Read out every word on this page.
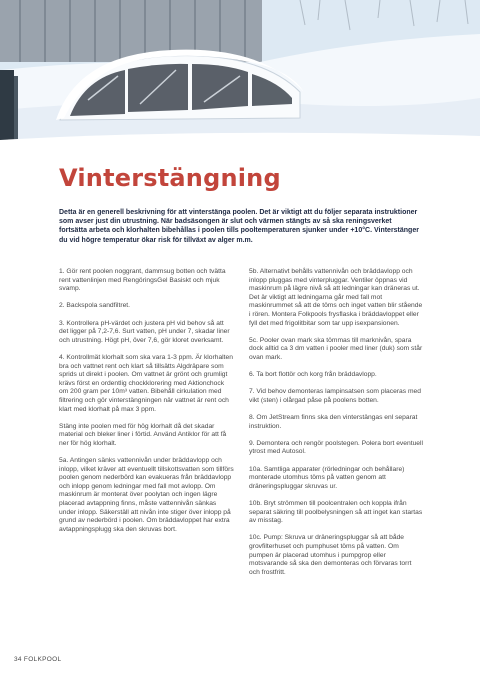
Vinterstängning

Detta är en generell beskrivning för att vinterstänga poolen. Det är viktigt att du följer separata instruktioner som avser just din utrustning. När badsäsongen är slut och värmen stängts av så ska reningsverket fortsätta arbeta och klorhalten bibehållas i poolen tills pooltemperaturen sjunker under +10°C. Vinterstänger du vid högre temperatur ökar risk för tillväxt av alger m.m.

1. Gör rent poolen noggrant, dammsug botten och tvätta rent vattenlinjen med RengöringsGel Basiskt och mjuk svamp.

2. Backspola sandfiltret.

3. Kontrollera pH-värdet och justera pH vid behov så att det ligger på 7,2-7,6. Surt vatten, pH under 7, skadar liner och utrustning. Högt pH, över 7,6, gör kloret overksamt.

4. Kontrollmät klorhalt som ska vara 1-3 ppm. Är klorhalten bra och vattnet rent och klart så tillsätts Algdräpare som sprids ut direkt i poolen. Om vattnet är grönt och grumligt krävs först en ordentlig chockklorering med Aktionchock om 200 gram per 10m³ vatten. Bibehåll cirkulation med filtrering och gör vinterstängningen när vattnet är rent och klart med klorhalt på max 3 ppm.

Stäng inte poolen med för hög klorhalt då det skadar material och bleker liner i förtid. Använd Antiklor för att få ner för hög klorhalt.

5a. Antingen sänks vattennivån under bräddavlopp och inlopp, vilket kräver att eventuellt tillskottsvatten som tillförs poolen genom nederbörd kan evakueras från bräddavlopp och inlopp genom ledningar med fall mot avlopp. Om maskinrum är monterat över poolytan och ingen lägre placerad avtappning finns, måste vattennivån sänkas under inlopp. Säkerställ att nivån inte stiger över inlopp på grund av nederbörd i poolen. Om bräddavloppet har extra avtappningsplugg ska den skruvas bort.

5b. Alternativt behålls vattennivån och bräddavlopp och inlopp pluggas med vinterpluggar. Ventiler öppnas vid maskinrum på lägre nivå så att ledningar kan dräneras ut. Det är viktigt att ledningarna går med fall mot maskinrummet så att de töms och inget vatten blir stående i rören. Montera Folkpools frysflaska i bräddavloppet eller fyll det med frigolitbitar som tar upp isexpansionen.

5c. Pooler ovan mark ska tömmas till marknivån, spara dock alltid ca 3 dm vatten i pooler med liner (duk) som står ovan mark.

6. Ta bort flottör och korg från bräddavlopp.

7. Vid behov demonteras lampinsatsen som placeras med vikt (sten) i olårgad påse på poolens botten.

8. Om JetStream finns ska den vinterstängas enl separat instruktion.

9. Demontera och rengör poolstegen. Polera bort eventuell ytrost med Autosol.

10a. Samtliga apparater (rörledningar och behållare) monterade utomhus töms på vatten genom att dräneringspluggar skruvas ur.

10b. Bryt strömmen till poolcentralen och koppla ifrån separat säkring till poolbelysningen så att inget kan startas av misstag.

10c. Pump: Skruva ur dräneringspluggar så att både grovfilterhuset och pumphuset töms på vatten. Om pumpen är placerad utomhus i pumpgrop eller motsvarande så ska den demonteras och förvaras torrt och frostfritt.

34 FOLKPOOL
